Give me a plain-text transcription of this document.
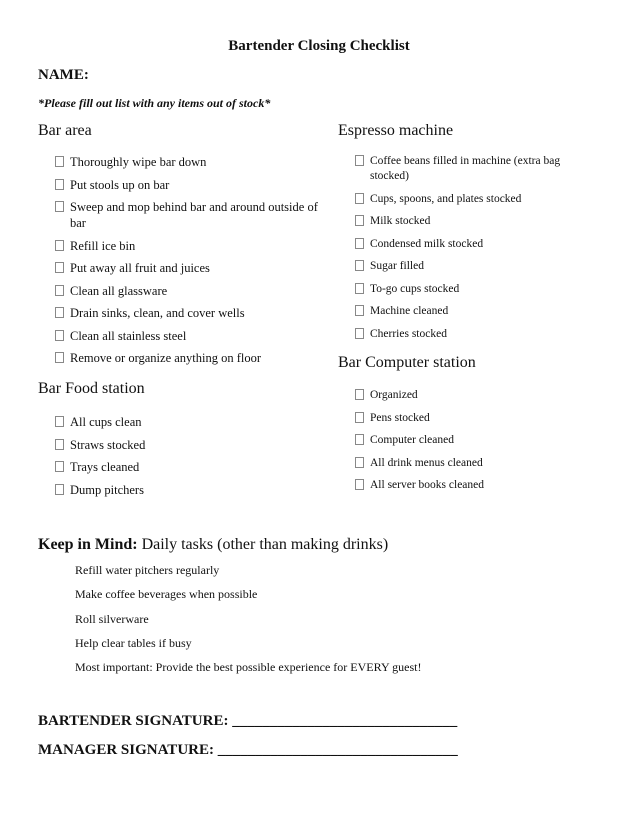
Bartender Closing Checklist
NAME:
*Please fill out list with any items out of stock*
Bar area
Thoroughly wipe bar down
Put stools up on bar
Sweep and mop behind bar and around outside of bar
Refill ice bin
Put away all fruit and juices
Clean all glassware
Drain sinks, clean, and cover wells
Clean all stainless steel
Remove or organize anything on floor
Bar Food station
All cups clean
Straws stocked
Trays cleaned
Dump pitchers
Espresso machine
Coffee beans filled in machine (extra bag stocked)
Cups, spoons, and plates stocked
Milk stocked
Condensed milk stocked
Sugar filled
To-go cups stocked
Machine cleaned
Cherries stocked
Bar Computer station
Organized
Pens stocked
Computer cleaned
All drink menus cleaned
All server books cleaned
Keep in Mind: Daily tasks (other than making drinks)
Refill water pitchers regularly
Make coffee beverages when possible
Roll silverware
Help clear tables if busy
Most important: Provide the best possible experience for EVERY guest!
BARTENDER SIGNATURE: ______________________________
MANAGER SIGNATURE: ________________________________
